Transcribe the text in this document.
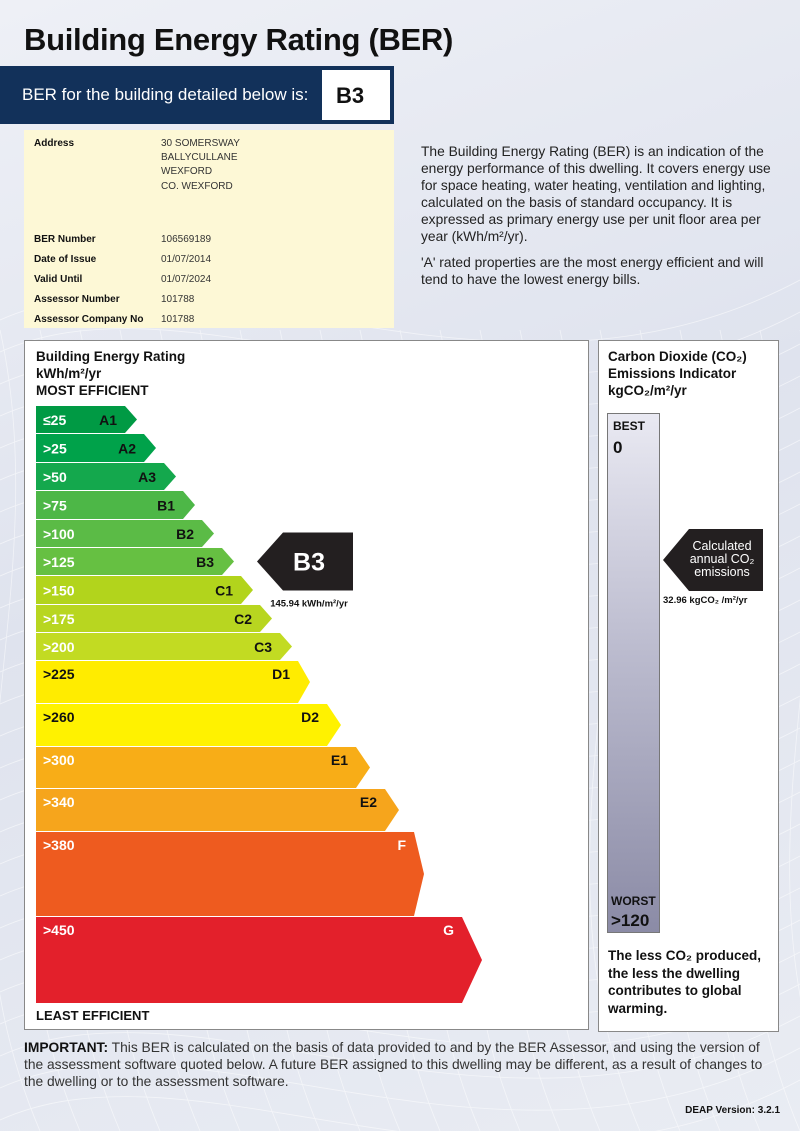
Building Energy Rating (BER)
BER for the building detailed below is: B3
Address	30 SOMERSWAY
BALLYCULLANE
WEXFORD
CO. WEXFORD
BER Number	106569189
Date of Issue	01/07/2014
Valid Until	01/07/2024
Assessor Number	101788
Assessor Company No 101788

The Building Energy Rating (BER) is an indication of the energy performance of this dwelling. It covers energy use for space heating, water heating, ventilation and lighting, calculated on the basis of standard occupancy. It is expressed as primary energy use per unit floor area per year (kWh/m²/yr).

'A' rated properties are the most energy efficient and will tend to have the lowest energy bills.

Building Energy Rating
kWh/m²/yr
MOST EFFICIENT
≤25 A1
>25	A2
>50	A3
>75	B1
>100	B2
>125	B3
>150	C1
>175	C2
>200	C3
>225	D1
>260	D2
>300	E1
>340	E2
>380	F
>450	G
B3
145.94 kWh/m²/yr
LEAST EFFICIENT
Carbon Dioxide (CO₂)
Emissions Indicator
kgCO₂/m²/yr
BEST
0
WORST
>120
Calculated annual CO₂ emissions
32.96 kgCO₂ /m²/yr
The less CO₂ produced, the less the dwelling contributes to global warming.
IMPORTANT: This BER is calculated on the basis of data provided to and by the BER Assessor, and using the version of the assessment software quoted below. A future BER assigned to this dwelling may be different, as a result of changes to the dwelling or to the assessment software.
DEAP Version: 3.2.1
